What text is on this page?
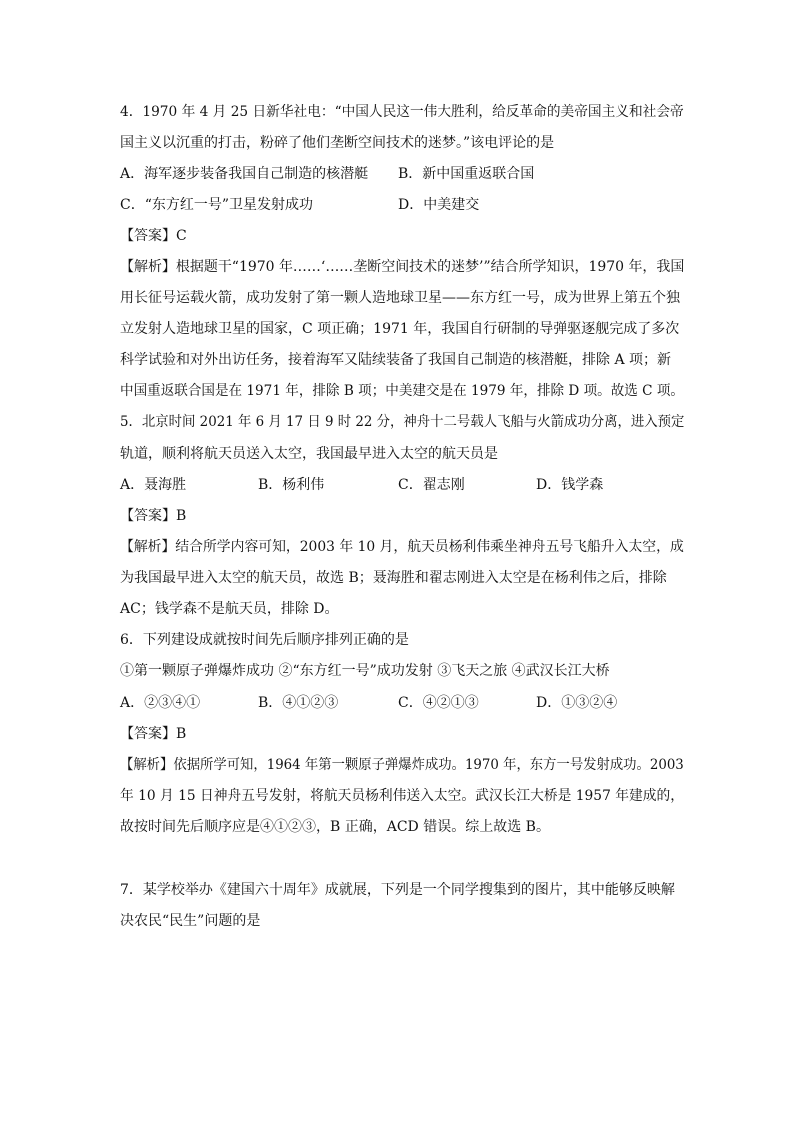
4．1970 年 4 月 25 日新华社电：“中国人民这一伟大胜利，给反革命的美帝国主义和社会帝
国主义以沉重的打击，粉碎了他们垄断空间技术的迷梦。”该电评论的是
A．海军逐步装备我国自己制造的核潜艇 B．新中国重返联合国
C．“东方红一号”卫星发射成功	D．中美建交
【答案】C
【解析】根据题干“1970 年……‘……垄断空间技术的迷梦’”结合所学知识，1970 年，我国
用长征号运载火箭，成功发射了第一颗人造地球卫星——东方红一号，成为世界上第五个独
立发射人造地球卫星的国家，C 项正确；1971 年，我国自行研制的导弹驱逐舰完成了多次
科学试验和对外出访任务，接着海军又陆续装备了我国自己制造的核潜艇，排除 A 项；新
中国重返联合国是在 1971 年，排除 B 项；中美建交是在 1979 年，排除 D 项。故选 C 项。
5．北京时间 2021 年 6 月 17 日 9 时 22 分，神舟十二号载人飞船与火箭成功分离，进入预定
轨道，顺利将航天员送入太空，我国最早进入太空的航天员是
A．聂海胜	B．杨利伟	C．翟志刚	D．钱学森
【答案】B
【解析】结合所学内容可知，2003 年 10 月，航天员杨利伟乘坐神舟五号飞船升入太空，成
为我国最早进入太空的航天员，故选 B；聂海胜和翟志刚进入太空是在杨利伟之后，排除
AC；钱学森不是航天员，排除 D。
6．下列建设成就按时间先后顺序排列正确的是
①第一颗原子弹爆炸成功 ②“东方红一号”成功发射 ③飞天之旅 ④武汉长江大桥
A．②③④①	B．④①②③	C．④②①③	D．①③②④
【答案】B
【解析】依据所学可知，1964 年第一颗原子弹爆炸成功。1970 年，东方一号发射成功。2003
年 10 月 15 日神舟五号发射，将航天员杨利伟送入太空。武汉长江大桥是 1957 年建成的，
故按时间先后顺序应是④①②③，B 正确，ACD 错误。综上故选 B。
7．某学校举办《建国六十周年》成就展，下列是一个同学搜集到的图片，其中能够反映解
决农民“民生”问题的是
